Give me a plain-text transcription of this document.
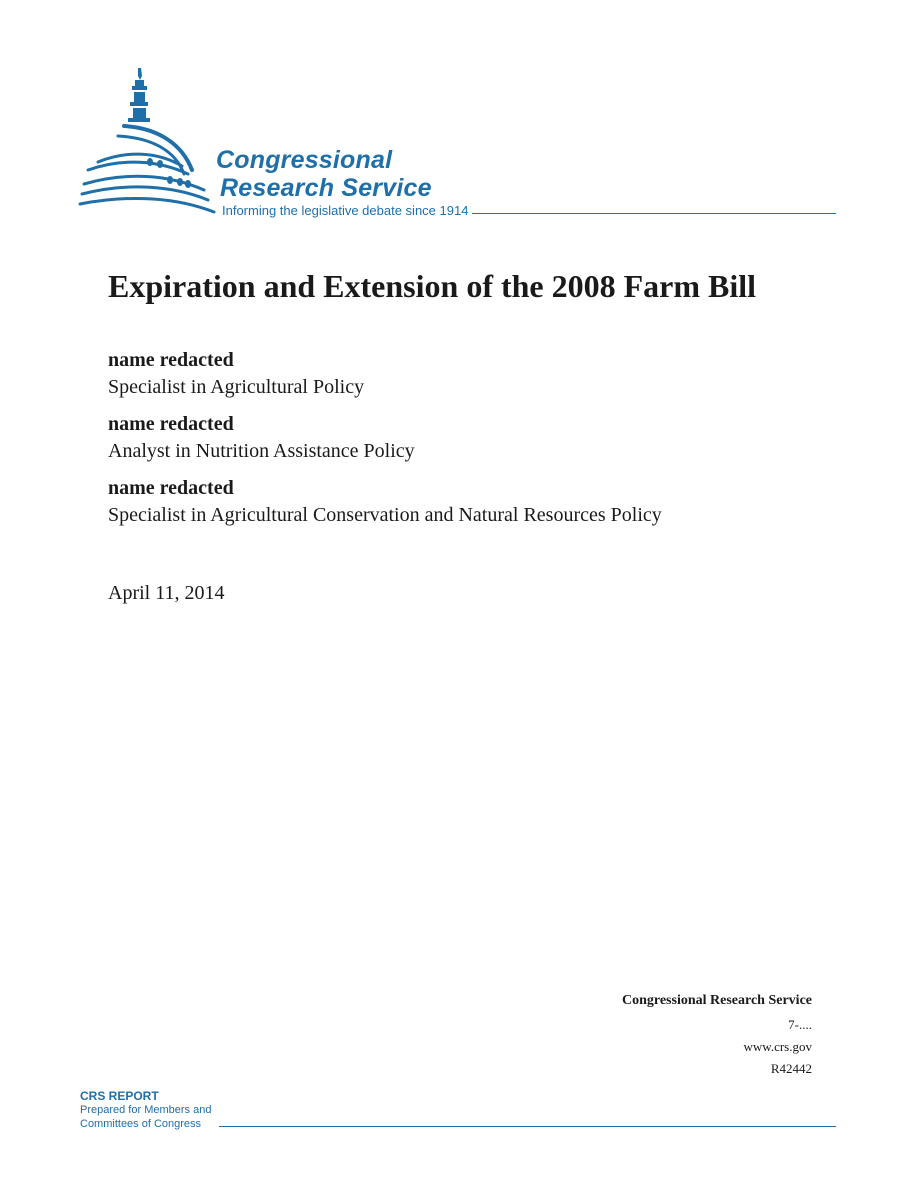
Congressional
Research Service
Informing the legislative debate since 1914
Expiration and Extension of the 2008 Farm Bill
name redacted
Specialist in Agricultural Policy
name redacted
Analyst in Nutrition Assistance Policy
name redacted
Specialist in Agricultural Conservation and Natural Resources Policy
April 11, 2014
Congressional Research Service
7-....
www.crs.gov
R42442
CRS REPORT
Prepared for Members and
Committees of Congress
